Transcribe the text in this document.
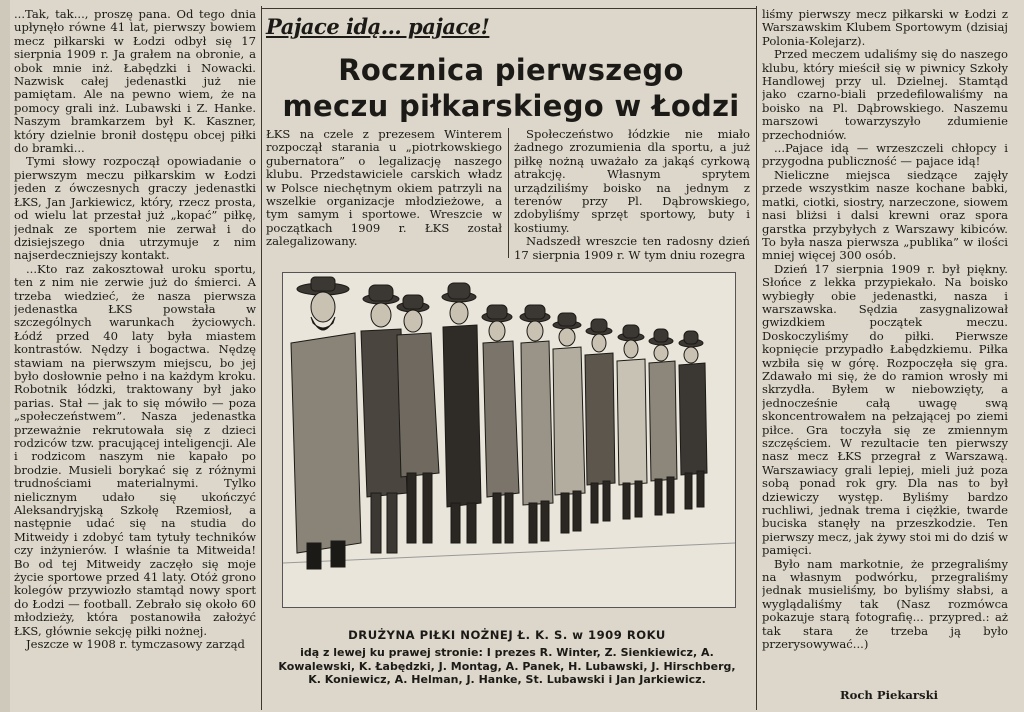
...Tak, tak..., proszę pana. Od tego dnia upłynęło równe 41 lat, pierwszy bowiem mecz piłkarski w Łodzi odbył się 17 sierpnia 1909 r. Ja grałem na obronie, a obok mnie inż. Łabędzki i Nowacki. Nazwisk całej jedenastki już nie pamiętam. Ale na pewno wiem, że na pomocy grali inż. Lubawski i Z. Hanke. Naszym bramkarzem był K. Kaszner, który dzielnie bronił dostępu obcej piłki do bramki...

Tymi słowy rozpoczął opowiadanie o pierwszym meczu piłkarskim w Łodzi jeden z ówczesnych graczy jedenastki ŁKS, Jan Jarkiewicz, który, rzecz prosta, od wielu lat przestał już „kopać” piłkę, jednak ze sportem nie zerwał i do dzisiejszego dnia utrzymuje z nim najserdeczniejszy kontakt.

...Kto raz zakosztował uroku sportu, ten z nim nie zerwie już do śmierci. A trzeba wiedzieć, że nasza pierwsza jedenastka ŁKS powstała w szczególnych warunkach życiowych. Łódź przed 40 laty była miastem kontrastów. Nędzy i bogactwa. Nędzę stawiam na pierwszym miejscu, bo jej było dosłownie pełno i na każdym kroku. Robotnik łódzki, traktowany był jako parias. Stał — jak to się mówiło — poza „społeczeństwem”. Nasza jedenastka przeważnie rekrutowała się z dzieci rodziców tzw. pracującej inteligencji. Ale i rodzicom naszym nie kapało po brodzie. Musieli borykać się z różnymi trudnościami materialnymi. Tylko nielicznym udało się ukończyć Aleksandryjską Szkołę Rzemiosł, a następnie udać się na studia do Mitweidy i zdobyć tam tytuły techników czy inżynierów. I właśnie ta Mitweida! Bo od tej Mitweidy zaczęło się moje życie sportowe przed 41 laty. Otóż grono kolegów przywiozło stamtąd nowy sport do Łodzi — football. Zebrało się około 60 młodzieży, która postanowiła założyć ŁKS, głównie sekcję piłki nożnej.

Jeszcze w 1908 r. tymczasowy zarząd

Pajace idą... pajace!
Rocznica pierwszego
meczu piłkarskiego w Łodzi

ŁKS na czele z prezesem Winterem rozpoczął starania u „piotrkowskiego gubernatora” o legalizację naszego klubu. Przedstawiciele carskich władz w Polsce niechętnym okiem patrzyli na wszelkie organizacje młodzieżowe, a tym samym i sportowe. Wreszcie w początkach 1909 r. ŁKS został zalegalizowany.

Społeczeństwo łódzkie nie miało żadnego zrozumienia dla sportu, a już piłkę nożną uważało za jakąś cyrkową atrakcję. Własnym sprytem urządziliśmy boisko na jednym z terenów przy Pl. Dąbrowskiego, zdobyliśmy sprzęt sportowy, buty i kostiumy.

Nadszedł wreszcie ten radosny dzień 17 sierpnia 1909 r. W tym dniu rozegra

DRUŻYNA PIŁKI NOŻNEJ Ł. K. S. w 1909 ROKU
idą z lewej ku prawej stronie: I prezes R. Winter, Z. Sienkiewicz, A. Kowalewski, K. Łabędzki, J. Montag, A. Panek, H. Lubawski, J. Hirschberg, K. Koniewicz, A. Helman, J. Hanke, St. Lubawski i Jan Jarkiewicz.

liśmy pierwszy mecz piłkarski w Łodzi z Warszawskim Klubem Sportowym (dzisiaj Polonia-Kolejarz).

Przed meczem udaliśmy się do naszego klubu, który mieścił się w piwnicy Szkoły Handlowej przy ul. Dzielnej. Stamtąd jako czarno-biali przedefilowaliśmy na boisko na Pl. Dąbrowskiego. Naszemu marszowi towarzyszyło zdumienie przechodniów.

...Pajace idą — wrzeszczeli chłopcy i przygodna publiczność — pajace idą!

Nieliczne miejsca siedzące zajęły przede wszystkim nasze kochane babki, matki, ciotki, siostry, narzeczone, siowem nasi bliżsi i dalsi krewni oraz spora garstka przybyłych z Warszawy kibiców. To była nasza pierwsza „publika” w ilości mniej więcej 300 osób.

Dzień 17 sierpnia 1909 r. był piękny. Słońce z lekka przypiekało. Na boisko wybiegły obie jedenastki, nasza i warszawska. Sędzia zasygnalizował gwizdkiem początek meczu. Doskoczyliśmy do piłki. Pierwsze kopnięcie przypadło Łabędzkiemu. Piłka wzbiła się w górę. Rozpoczęła się gra. Zdawało mi się, że do ramion wrosły mi skrzydła. Byłem w niebowzięty, a jednocześnie całą uwagę swą skoncentrowałem na pełzającej po ziemi piłce. Gra toczyła się ze zmiennym szczęściem. W rezultacie ten pierwszy nasz mecz ŁKS przegrał z Warszawą. Warszawiacy grali lepiej, mieli już poza sobą ponad rok gry. Dla nas to był dziewiczy występ. Byliśmy bardzo ruchliwi, jednak trema i ciężkie, twarde buciska stanęły na przeszkodzie. Ten pierwszy mecz, jak żywy stoi mi do dziś w pamięci.

Było nam markotnie, że przegraliśmy na własnym podwórku, przegraliśmy jednak musieliśmy, bo byliśmy słabsi, a wyglądaliśmy tak (Nasz rozmówca pokazuje starą fotografię... przypred.: aż tak stara że trzeba ją było przerysowywać...)

Roch Piekarski
